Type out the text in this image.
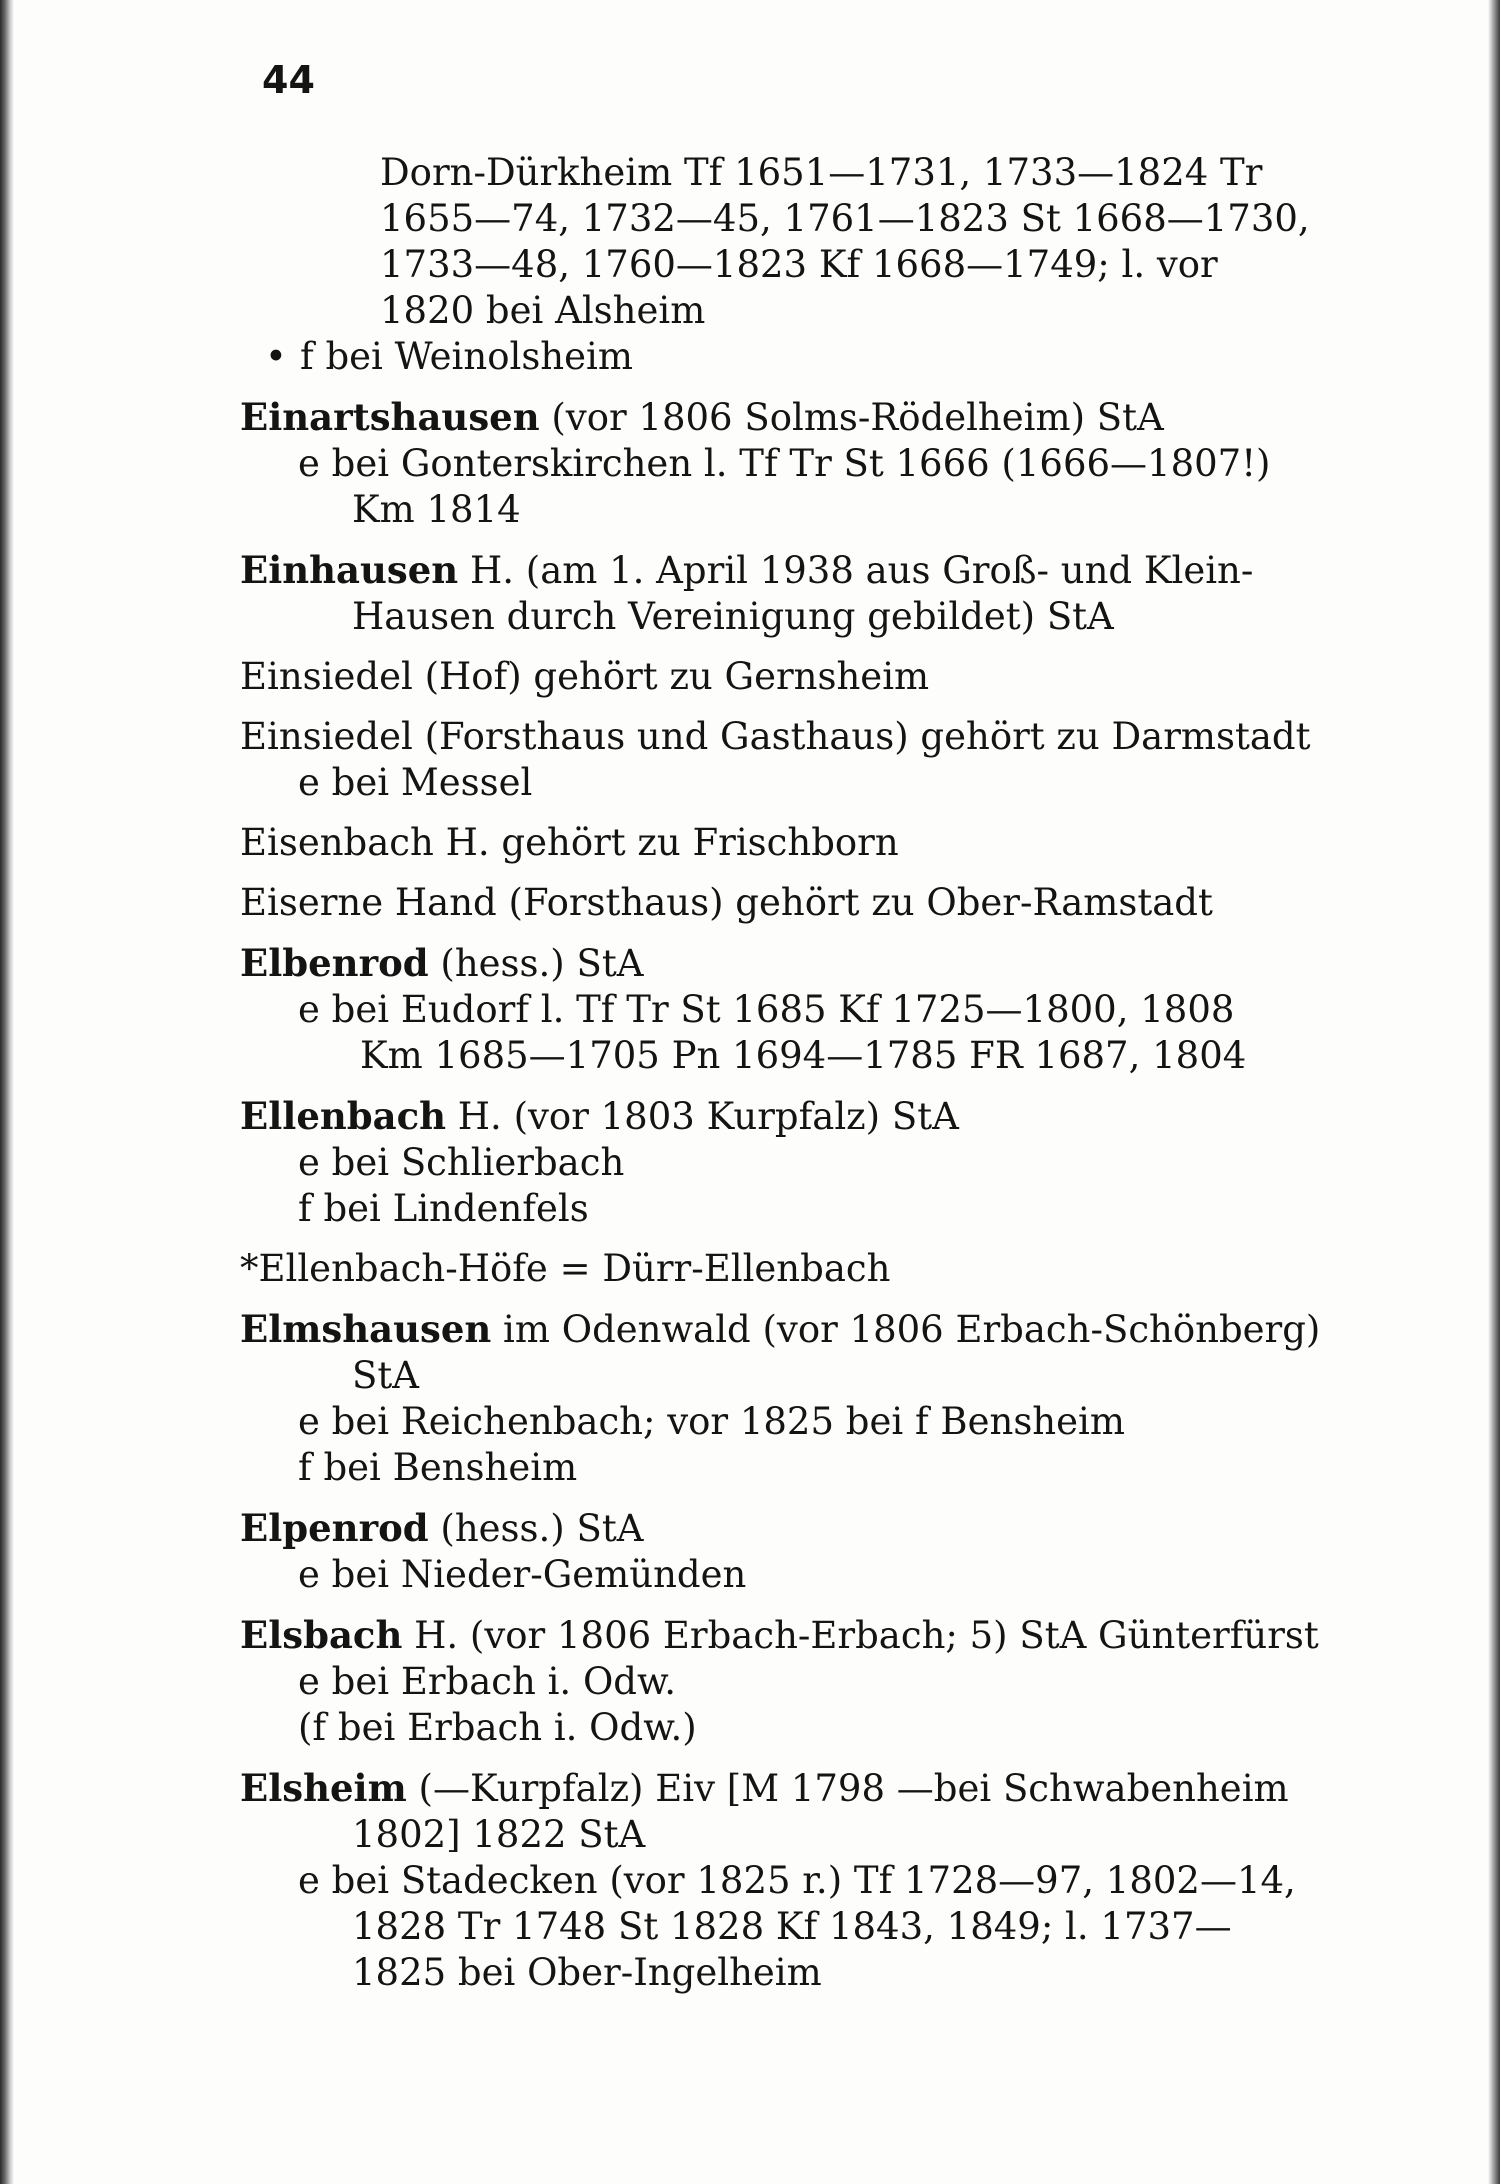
44
Dorn-Dürkheim Tf 1651—1731, 1733—1824 Tr
1655—74, 1732—45, 1761—1823 St 1668—1730,
1733—48, 1760—1823 Kf 1668—1749; l. vor
1820 bei Alsheim
• f bei Weinolsheim
Einartshausen (vor 1806 Solms-Rödelheim) StA
e bei Gonterskirchen l. Tf Tr St 1666 (1666—1807!)
Km 1814
Einhausen H. (am 1. April 1938 aus Groß- und Klein-
Hausen durch Vereinigung gebildet) StA
Einsiedel (Hof) gehört zu Gernsheim
Einsiedel (Forsthaus und Gasthaus) gehört zu Darmstadt
e bei Messel
Eisenbach H. gehört zu Frischborn
Eiserne Hand (Forsthaus) gehört zu Ober-Ramstadt
Elbenrod (hess.) StA
e bei Eudorf l. Tf Tr St 1685 Kf 1725—1800, 1808
Km 1685—1705 Pn 1694—1785 FR 1687, 1804
Ellenbach H. (vor 1803 Kurpfalz) StA
e bei Schlierbach
f bei Lindenfels
*Ellenbach-Höfe = Dürr-Ellenbach
Elmshausen im Odenwald (vor 1806 Erbach-Schönberg)
StA
e bei Reichenbach; vor 1825 bei f Bensheim
f bei Bensheim
Elpenrod (hess.) StA
e bei Nieder-Gemünden
Elsbach H. (vor 1806 Erbach-Erbach; 5) StA Günterfürst
e bei Erbach i. Odw.
(f bei Erbach i. Odw.)
Elsheim (—Kurpfalz) Eiv [M 1798 —bei Schwabenheim
1802] 1822 StA
e bei Stadecken (vor 1825 r.) Tf 1728—97, 1802—14,
1828 Tr 1748 St 1828 Kf 1843, 1849; l. 1737—
1825 bei Ober-Ingelheim
